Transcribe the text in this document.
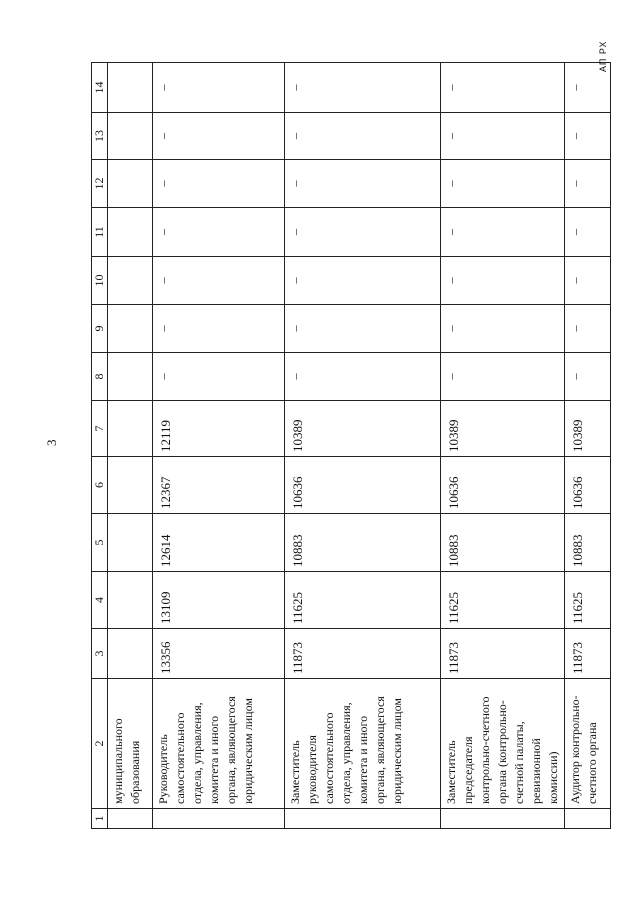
3
АП РХ
1	2	3	4	5	6	7	8	9	10	11	12	13	14
	муниципального образования												
	Руководитель самостоятельного отдела, управления, комитета и иного органа, являющегося юридическим лицом	13356	13109	12614	12367	12119	–	–	–	–	–	–	–
	Заместитель руководителя самостоятельного отдела, управления, комитета и иного органа, являющегося юридическим лицом	11873	11625	10883	10636	10389	–	–	–	–	–	–	–
	Заместитель председателя контрольно-счетного органа (контрольно-счетной палаты, ревизионной комиссии)	11873	11625	10883	10636	10389	–	–	–	–	–	–	–
	Аудитор контрольно-счетного органа	11873	11625	10883	10636	10389	–	–	–	–	–	–	–
